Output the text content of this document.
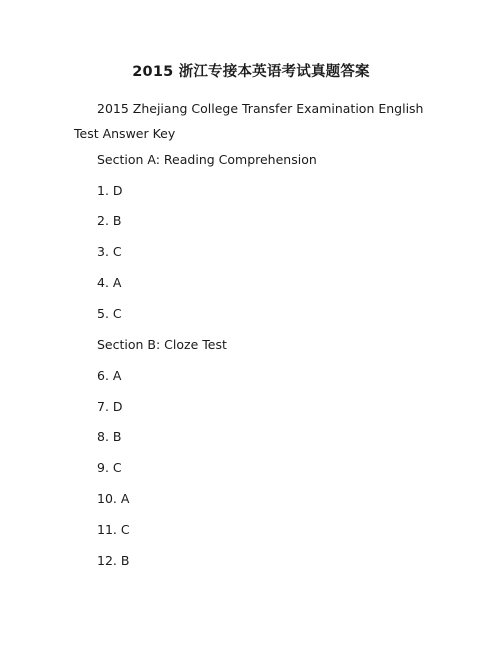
2015 浙江专接本英语考试真题答案
2015 Zhejiang College Transfer Examination English Test Answer Key
Section A: Reading Comprehension
1. D
2. B
3. C
4. A
5. C
Section B: Cloze Test
6. A
7. D
8. B
9. C
10. A
11. C
12. B
